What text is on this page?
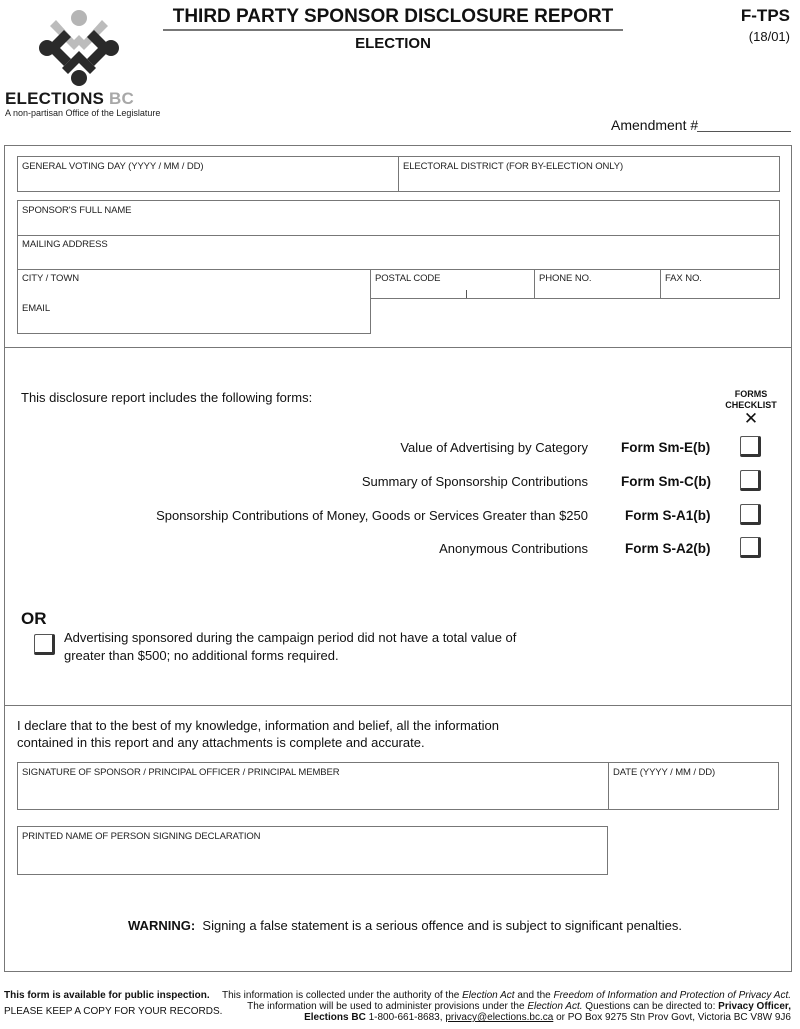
ELECTIONS BC
A non-partisan Office of the Legislature
THIRD PARTY SPONSOR DISCLOSURE REPORT
ELECTION
F-TPS
(18/01)
Amendment #
GENERAL VOTING DAY (YYYY / MM / DD)	ELECTORAL DISTRICT (FOR BY-ELECTION ONLY)
SPONSOR'S FULL NAME
MAILING ADDRESS
CITY / TOWN	POSTAL CODE	PHONE NO.	FAX NO.
EMAIL
This disclosure report includes the following forms:	FORMS
CHECKLIST
✕
Value of Advertising by Category Form Sm-E(b)
Summary of Sponsorship Contributions Form Sm-C(b)
Sponsorship Contributions of Money, Goods or Services Greater than $250	Form S-A1(b)
Anonymous Contributions	Form S-A2(b)
OR
Advertising sponsored during the campaign period did not have a total value of
greater than $500; no additional forms required.
I declare that to the best of my knowledge, information and belief, all the information
contained in this report and any attachments is complete and accurate.
SIGNATURE OF SPONSOR / PRINCIPAL OFFICER / PRINCIPAL MEMBER	DATE (YYYY / MM / DD)
PRINTED NAME OF PERSON SIGNING DECLARATION
WARNING: Signing a false statement is a serious offence and is subject to significant penalties.
This form is available for public inspection.
PLEASE KEEP A COPY FOR YOUR RECORDS.
This information is collected under the authority of the Election Act and the Freedom of Information and Protection of Privacy Act.
The information will be used to administer provisions under the Election Act. Questions can be directed to: Privacy Officer,
Elections BC 1-800-661-8683, privacy@elections.bc.ca or PO Box 9275 Stn Prov Govt, Victoria BC V8W 9J6
